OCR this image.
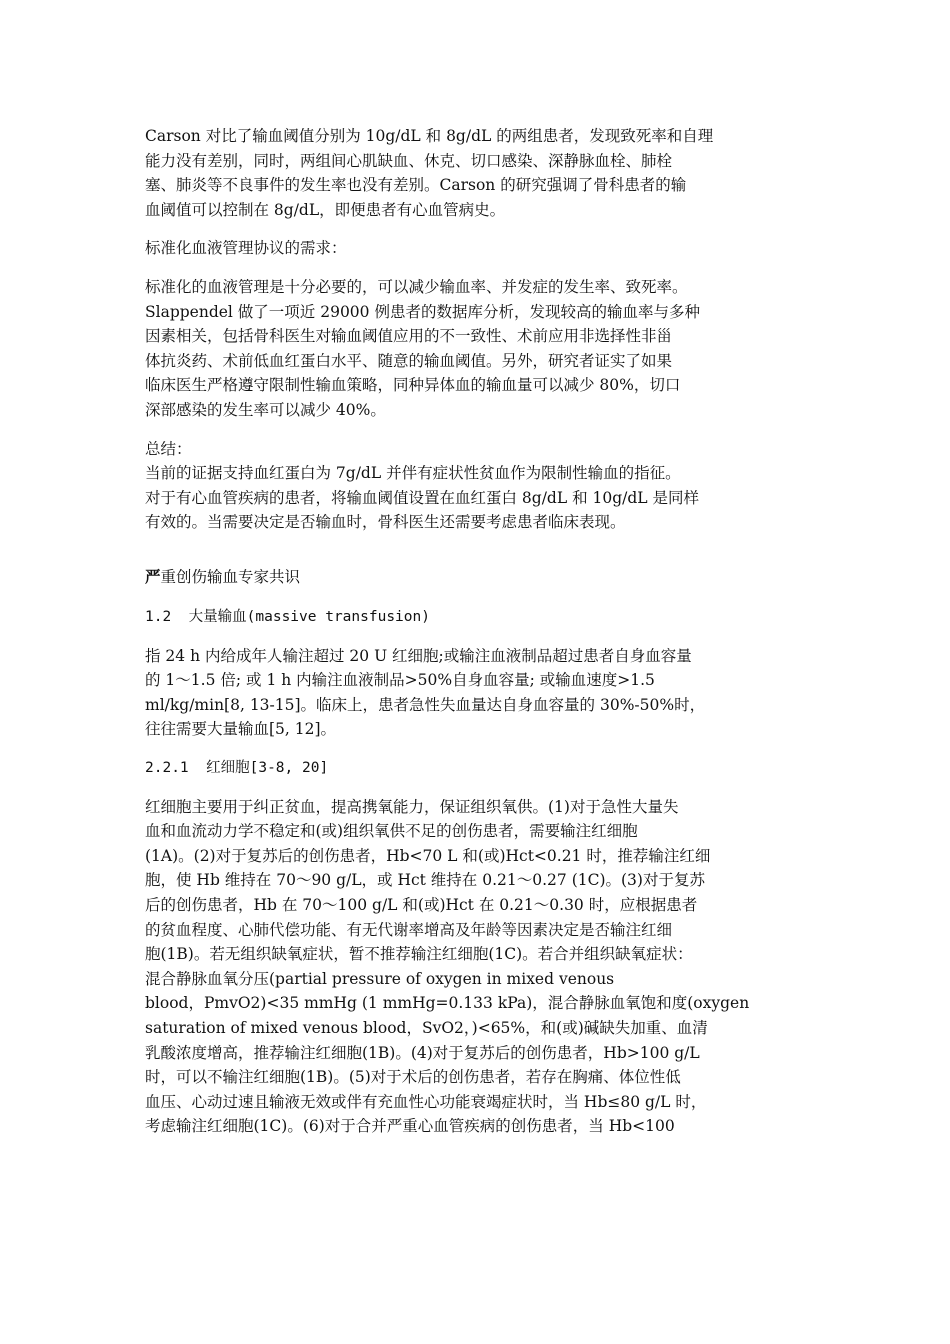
Carson 对比了输血阈值分别为 10g/dL 和 8g/dL 的两组患者，发现致死率和自理
能力没有差别，同时，两组间心肌缺血、休克、切口感染、深静脉血栓、肺栓
塞、肺炎等不良事件的发生率也没有差别。Carson 的研究强调了骨科患者的输
血阈值可以控制在 8g/dL，即便患者有心血管病史。

标准化血液管理协议的需求：

标准化的血液管理是十分必要的，可以减少输血率、并发症的发生率、致死率。
Slappendel 做了一项近 29000 例患者的数据库分析，发现较高的输血率与多种
因素相关，包括骨科医生对输血阈值应用的不一致性、术前应用非选择性非甾
体抗炎药、术前低血红蛋白水平、随意的输血阈值。另外，研究者证实了如果
临床医生严格遵守限制性输血策略，同种异体血的输血量可以减少 80%，切口
深部感染的发生率可以减少 40%。

总结：

当前的证据支持血红蛋白为 7g/dL 并伴有症状性贫血作为限制性输血的指征。
对于有心血管疾病的患者，将输血阈值设置在血红蛋白 8g/dL 和 10g/dL 是同样
有效的。当需要决定是否输血时，骨科医生还需要考虑患者临床表现。

严重创伤输血专家共识

1.2  大量输血(massive transfusion)

指 24 h 内给成年人输注超过 20 U 红细胞;或输注血液制品超过患者自身血容量
的 1～1.5 倍; 或 1 h 内输注血液制品>50%自身血容量; 或输血速度>1.5
ml/kg/min[8, 13-15]。临床上，患者急性失血量达自身血容量的 30%-50%时，
往往需要大量输血[5, 12]。

2.2.1  红细胞[3-8, 20]

红细胞主要用于纠正贫血，提高携氧能力，保证组织氧供。(1)对于急性大量失
血和血流动力学不稳定和(或)组织氧供不足的创伤患者，需要输注红细胞
(1A)。(2)对于复苏后的创伤患者，Hb<70 L 和(或)Hct<0.21 时，推荐输注红细
胞，使 Hb 维持在 70～90 g/L，或 Hct 维持在 0.21～0.27 (1C)。(3)对于复苏
后的创伤患者，Hb 在 70～100 g/L 和(或)Hct 在 0.21～0.30 时，应根据患者
的贫血程度、心肺代偿功能、有无代谢率增高及年龄等因素决定是否输注红细
胞(1B)。若无组织缺氧症状，暂不推荐输注红细胞(1C)。若合并组织缺氧症状：
混合静脉血氧分压(partial pressure of oxygen in mixed venous
blood，PmvO2)<35 mmHg (1 mmHg=0.133 kPa)，混合静脉血氧饱和度(oxygen
saturation of mixed venous blood，SvO2，)<65%，和(或)碱缺失加重、血清
乳酸浓度增高，推荐输注红细胞(1B)。(4)对于复苏后的创伤患者，Hb>100 g/L
时，可以不输注红细胞(1B)。(5)对于术后的创伤患者，若存在胸痛、体位性低
血压、心动过速且输液无效或伴有充血性心功能衰竭症状时，当 Hb≤80 g/L 时，
考虑输注红细胞(1C)。(6)对于合并严重心血管疾病的创伤患者，当 Hb<100
